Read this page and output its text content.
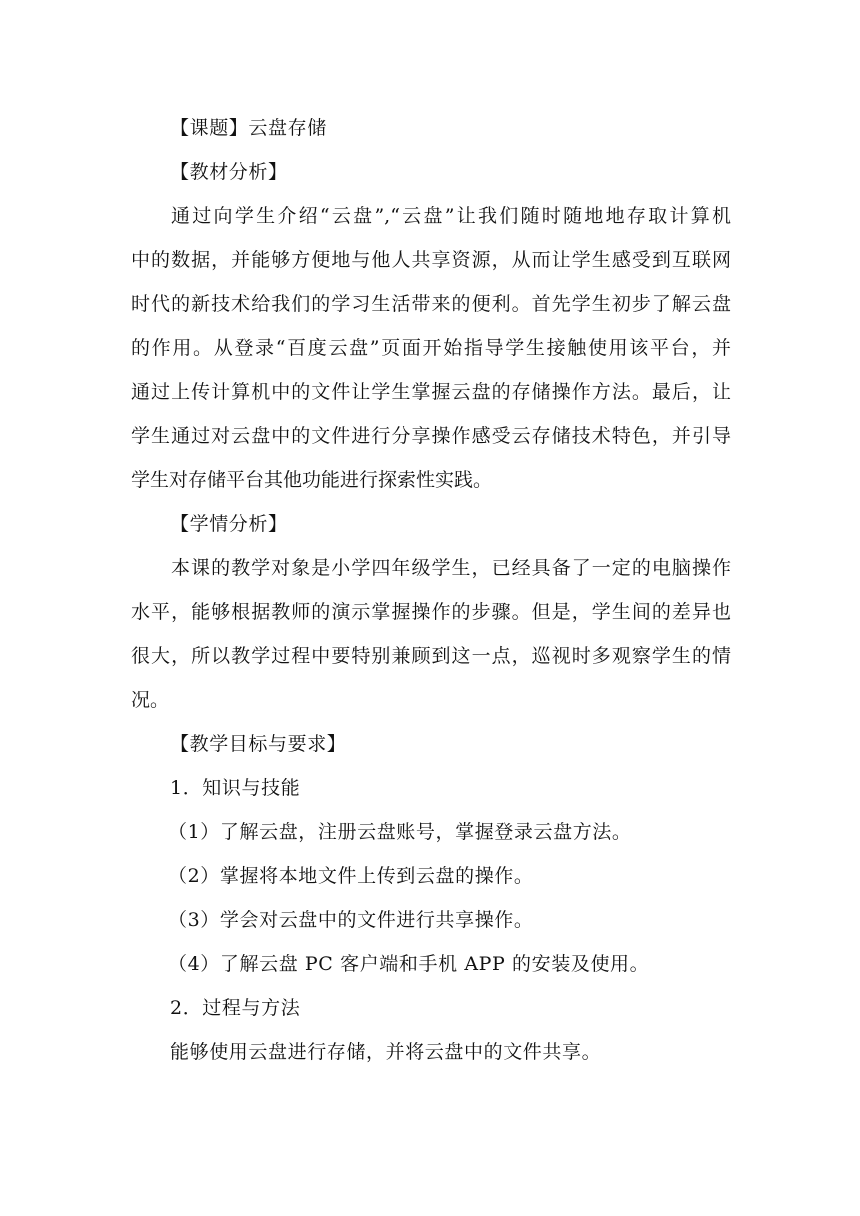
【课题】云盘存储
【教材分析】
通过向学生介绍“云盘”,“云盘”让我们随时随地地存取计算机
中的数据，并能够方便地与他人共享资源，从而让学生感受到互联网
时代的新技术给我们的学习生活带来的便利。首先学生初步了解云盘
的作用。从登录“百度云盘”页面开始指导学生接触使用该平台，并
通过上传计算机中的文件让学生掌握云盘的存储操作方法。最后，让
学生通过对云盘中的文件进行分享操作感受云存储技术特色，并引导
学生对存储平台其他功能进行探索性实践。
【学情分析】
本课的教学对象是小学四年级学生，已经具备了一定的电脑操作
水平，能够根据教师的演示掌握操作的步骤。但是，学生间的差异也
很大，所以教学过程中要特别兼顾到这一点，巡视时多观察学生的情
况。
【教学目标与要求】
1．知识与技能
（1）了解云盘，注册云盘账号，掌握登录云盘方法。
（2）掌握将本地文件上传到云盘的操作。
（3）学会对云盘中的文件进行共享操作。
（4）了解云盘 PC 客户端和手机 APP 的安装及使用。
2．过程与方法
能够使用云盘进行存储，并将云盘中的文件共享。
